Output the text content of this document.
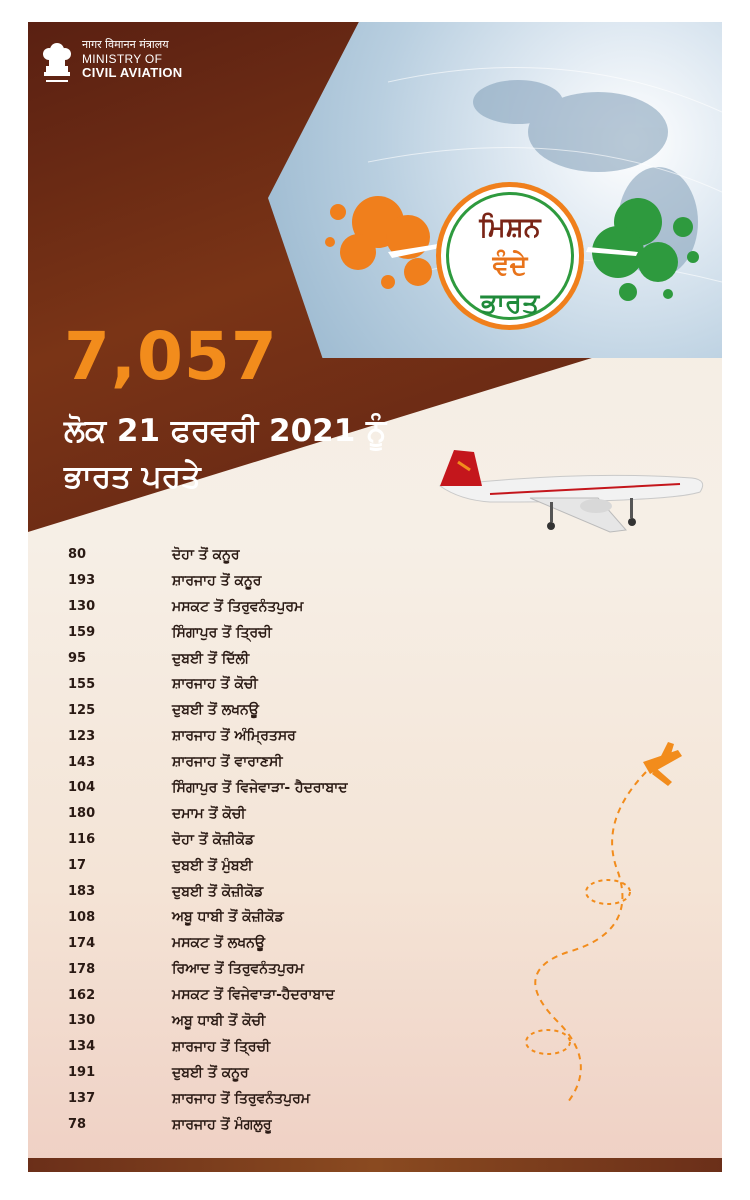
नागर विमानन मंत्रालय
MINISTRY OF
CIVIL AVIATION
ਮਿਸ਼ਨ
ਵੰਦੇ
ਭਾਰਤ
7,057
ਲੋਕ 21 ਫਰਵਰੀ 2021 ਨੂੰ
ਭਾਰਤ ਪਰਤੇ
80	ਦੋਹਾ ਤੋਂ ਕਨੂਰ
193	ਸ਼ਾਰਜਾਹ ਤੋਂ ਕਨੂਰ
130	ਮਸਕਟ ਤੋਂ ਤਿਰੁਵਨੰਤਪੁਰਮ
159	ਸਿੰਗਾਪੁਰ ਤੋਂ ਤ੍ਰਿਚੀ
95	ਦੁਬਈ ਤੋਂ ਦਿੱਲੀ
155	ਸ਼ਾਰਜਾਹ ਤੋਂ ਕੋਚੀ
125	ਦੁਬਈ ਤੋਂ ਲਖਨਊ
123	ਸ਼ਾਰਜਾਹ ਤੋਂ ਅੰਮ੍ਰਿਤਸਰ
143	ਸ਼ਾਰਜਾਹ ਤੋਂ ਵਾਰਾਣਸੀ
104	ਸਿੰਗਾਪੁਰ ਤੋਂ ਵਿਜੇਵਾੜਾ- ਹੈਦਰਾਬਾਦ
180	ਦਮਾਮ ਤੋਂ ਕੋਚੀ
116	ਦੋਹਾ ਤੋਂ ਕੋਜ਼ੀਕੋਡ
17	ਦੁਬਈ ਤੋਂ ਮੁੰਬਈ
183	ਦੁਬਈ ਤੋਂ ਕੋਜ਼ੀਕੋਡ
108	ਅਬੂ ਧਾਬੀ ਤੋਂ ਕੋਜ਼ੀਕੋਡ
174	ਮਸਕਟ ਤੋਂ ਲਖਨਊ
178	ਰਿਆਦ ਤੋਂ ਤਿਰੁਵਨੰਤਪੁਰਮ
162	ਮਸਕਟ ਤੋਂ ਵਿਜੇਵਾੜਾ-ਹੈਦਰਾਬਾਦ
130	ਅਬੂ ਧਾਬੀ ਤੋਂ ਕੋਚੀ
134	ਸ਼ਾਰਜਾਹ ਤੋਂ ਤ੍ਰਿਚੀ
191	ਦੁਬਈ ਤੋਂ ਕਨੂਰ
137	ਸ਼ਾਰਜਾਹ ਤੋਂ ਤਿਰੁਵਨੰਤਪੁਰਮ
78	ਸ਼ਾਰਜਾਹ ਤੋਂ ਮੰਗਲੁਰੂ
